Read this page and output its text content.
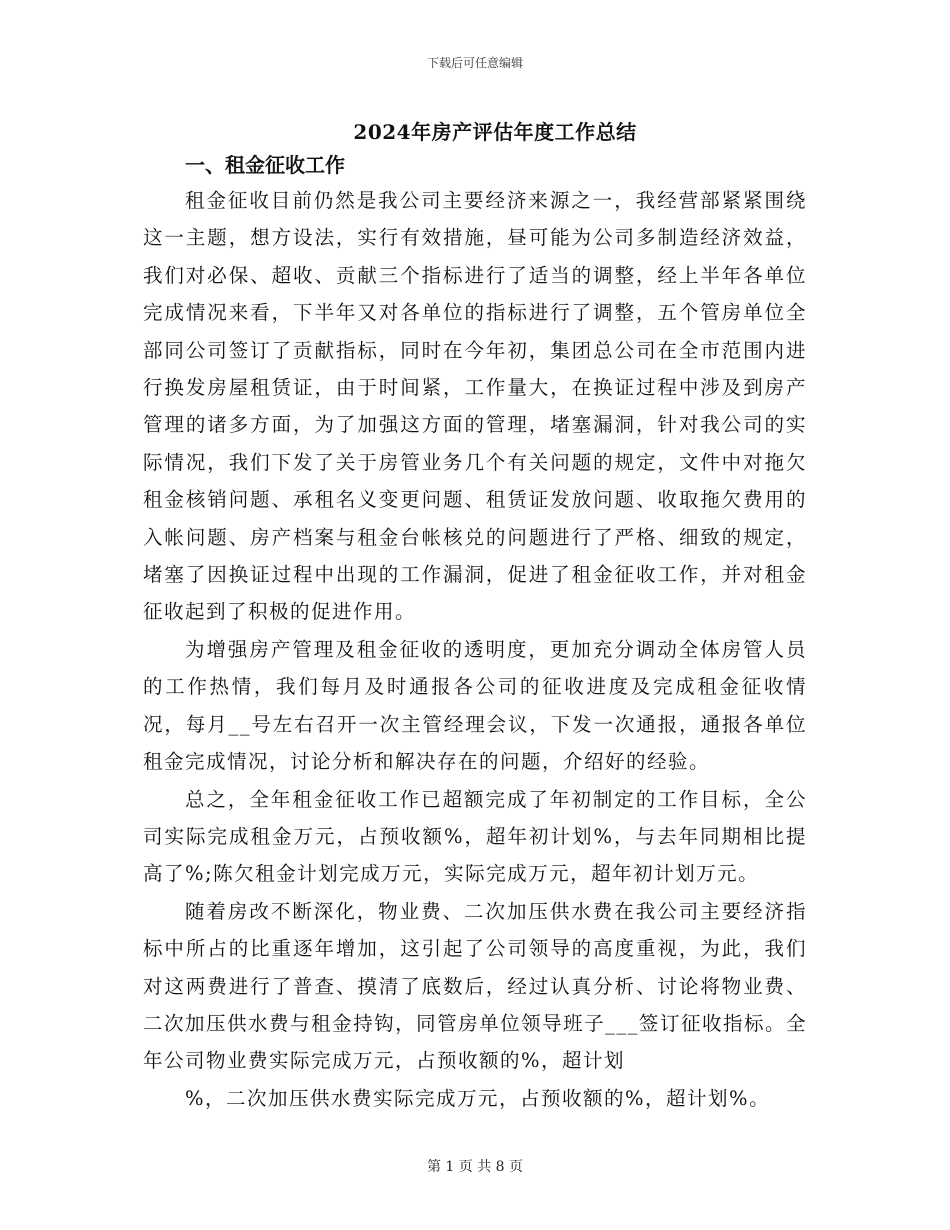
下载后可任意编辑
2024年房产评估年度工作总结
一、租金征收工作

租金征收目前仍然是我公司主要经济来源之一，我经营部紧紧围绕这一主题，想方设法，实行有效措施，昼可能为公司多制造经济效益，我们对必保、超收、贡献三个指标进行了适当的调整，经上半年各单位完成情况来看，下半年又对各单位的指标进行了调整，五个管房单位全部同公司签订了贡献指标，同时在今年初，集团总公司在全市范围内进行换发房屋租赁证，由于时间紧，工作量大，在换证过程中涉及到房产管理的诸多方面，为了加强这方面的管理，堵塞漏洞，针对我公司的实际情况，我们下发了关于房管业务几个有关问题的规定，文件中对拖欠租金核销问题、承租名义变更问题、租赁证发放问题、收取拖欠费用的入帐问题、房产档案与租金台帐核兑的问题进行了严格、细致的规定，堵塞了因换证过程中出现的工作漏洞，促进了租金征收工作，并对租金征收起到了积极的促进作用。

为增强房产管理及租金征收的透明度，更加充分调动全体房管人员的工作热情，我们每月及时通报各公司的征收进度及完成租金征收情况，每月__号左右召开一次主管经理会议，下发一次通报，通报各单位租金完成情况，讨论分析和解决存在的问题，介绍好的经验。

总之，全年租金征收工作已超额完成了年初制定的工作目标，全公司实际完成租金万元，占预收额%，超年初计划%，与去年同期相比提高了%;陈欠租金计划完成万元，实际完成万元，超年初计划万元。

随着房改不断深化，物业费、二次加压供水费在我公司主要经济指标中所占的比重逐年增加，这引起了公司领导的高度重视，为此，我们对这两费进行了普查、摸清了底数后，经过认真分析、讨论将物业费、二次加压供水费与租金持钩，同管房单位领导班子___签订征收指标。全年公司物业费实际完成万元，占预收额的%，超计划

%，二次加压供水费实际完成万元，占预收额的%，超计划%。

第 1 页 共 8 页
